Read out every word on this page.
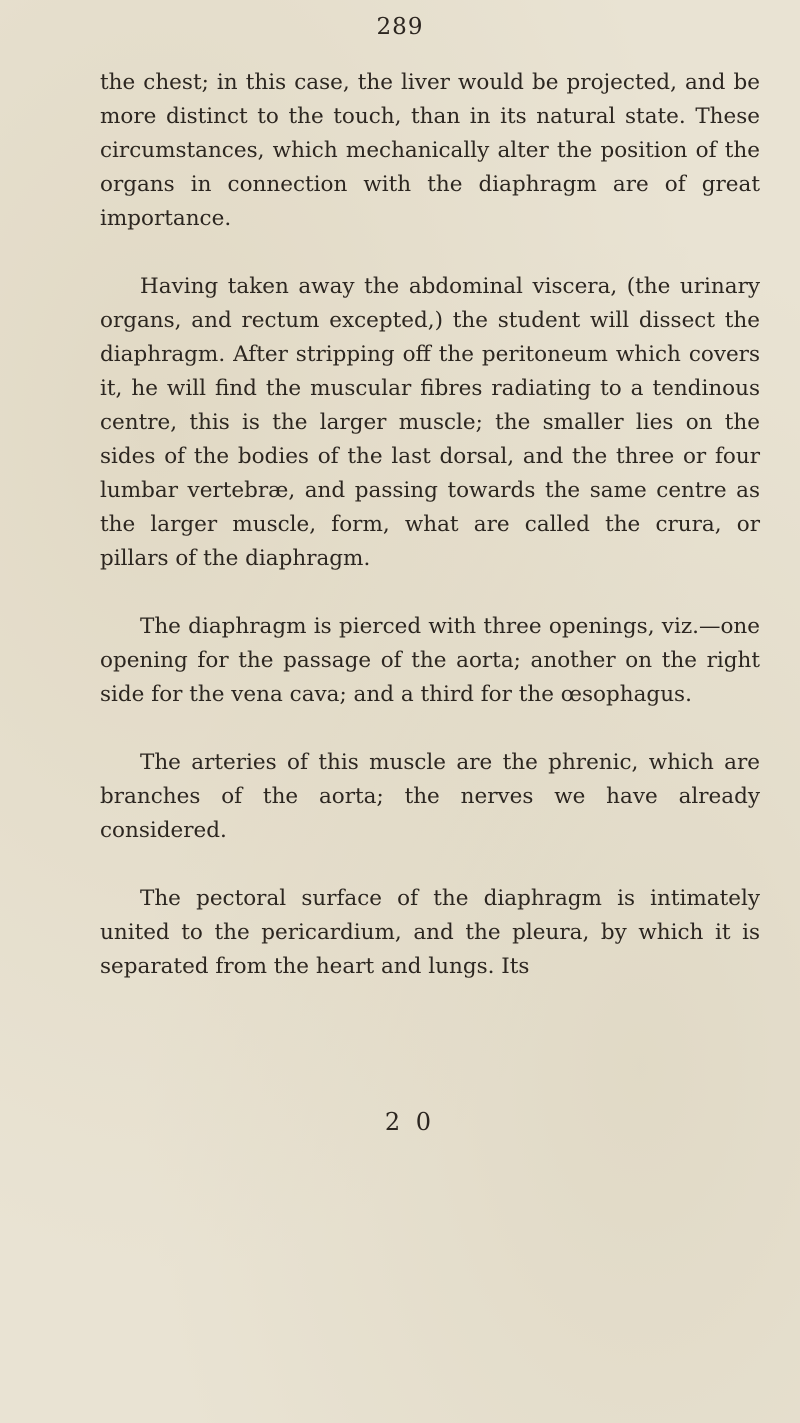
289

the chest; in this case, the liver would be projected, and be more distinct to the touch, than in its natural state. These circumstances, which mechanically alter the position of the organs in connection with the diaphragm are of great importance.

Having taken away the abdominal viscera, (the urinary organs, and rectum excepted,) the student will dissect the diaphragm. After stripping off the peritoneum which covers it, he will find the muscular fibres radiating to a tendinous centre, this is the larger muscle; the smaller lies on the sides of the bodies of the last dorsal, and the three or four lumbar vertebræ, and passing towards the same centre as the larger muscle, form, what are called the crura, or pillars of the diaphragm.

The diaphragm is pierced with three openings, viz.—one opening for the passage of the aorta; another on the right side for the vena cava; and a third for the œsophagus.

The arteries of this muscle are the phrenic, which are branches of the aorta; the nerves we have already considered.

The pectoral surface of the diaphragm is intimately united to the pericardium, and the pleura, by which it is separated from the heart and lungs. Its

2 0
